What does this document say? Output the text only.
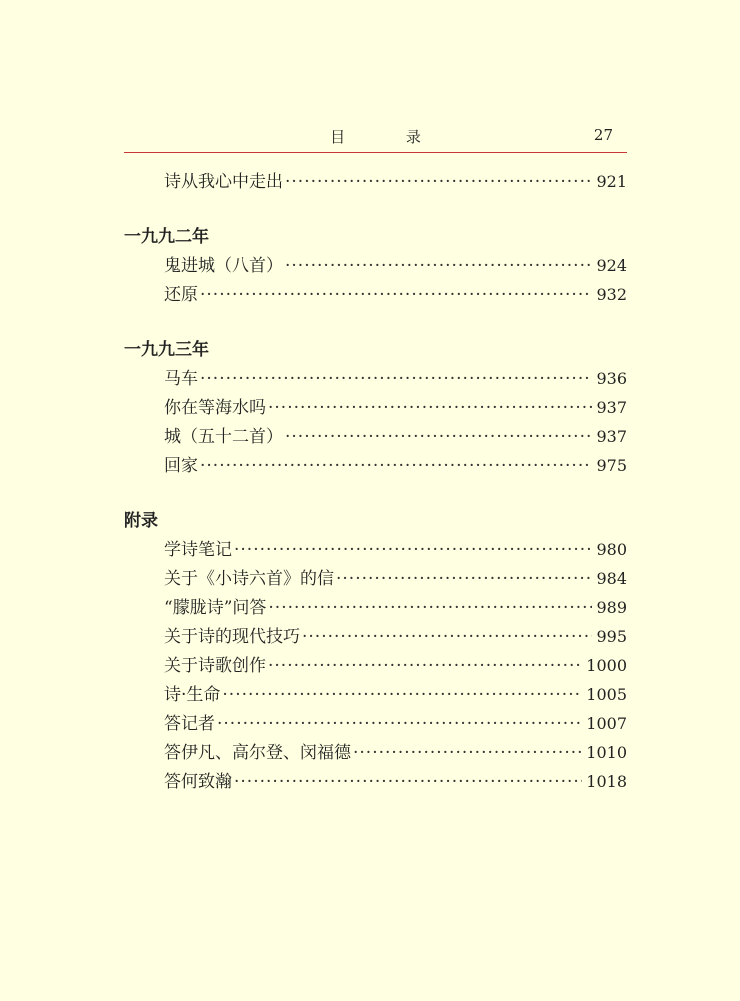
目 录	27
诗从我心中走出 ·····	921
一九九二年
鬼进城（八首） ·····	924
还原 ·····	932
一九九三年
马车 ·····	936
你在等海水吗 ·····	937
城（五十二首） ·····	937
回家 ·····	975
附录
学诗笔记 ·····	980
关于《小诗六首》的信 ·····	984
“朦胧诗”问答 ·····	989
关于诗的现代技巧 ·····	995
关于诗歌创作 ·····	1000
诗·生命 ·····	1005
答记者 ·····	1007
答伊凡、高尔登、闵福德 ·····	1010
答何致瀚 ·····	1018
